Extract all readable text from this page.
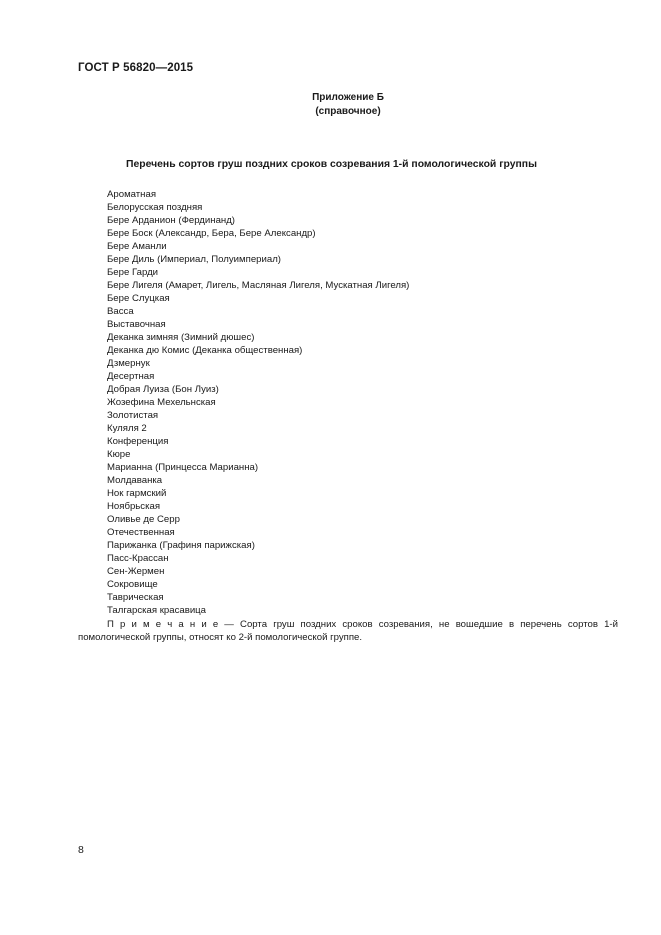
ГОСТ Р 56820—2015
Приложение Б
(справочное)
Перечень сортов груш поздних сроков созревания 1-й помологической группы
Ароматная
Белорусская поздняя
Бере Арданион (Фердинанд)
Бере Боск (Александр, Бера, Бере Александр)
Бере Аманли
Бере Диль (Империал, Полуимпериал)
Бере Гарди
Бере Лигеля (Амарет, Лигель, Масляная Лигеля, Мускатная Лигеля)
Бере Слуцкая
Васса
Выставочная
Деканка зимняя (Зимний дюшес)
Деканка дю Комис (Деканка общественная)
Дзмернук
Десертная
Добрая Луиза (Бон Луиз)
Жозефина Мехельнская
Золотистая
Куляля 2
Конференция
Кюре
Марианна (Принцесса Марианна)
Молдаванка
Нок гармский
Ноябрьская
Оливье де Серр
Отечественная
Парижанка (Графиня парижская)
Пасс-Крассан
Сен-Жермен
Сокровище
Таврическая
Талгарская красавица
П р и м е ч а н и е — Сорта груш поздних сроков созревания, не вошедшие в перечень сортов 1-й помологической группы, относят ко 2-й помологической группе.
8
